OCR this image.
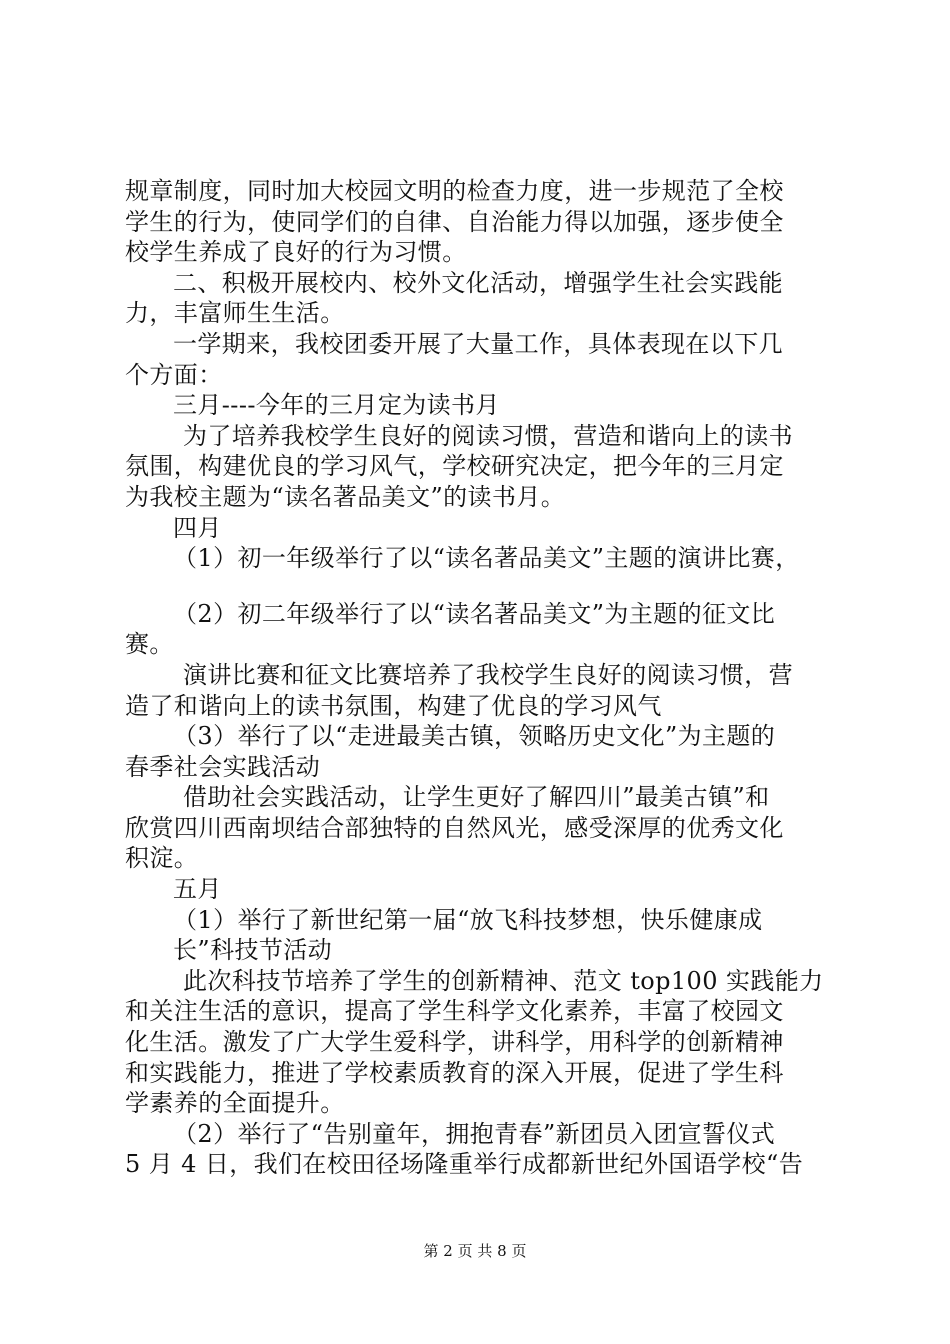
规章制度，同时加大校园文明的检查力度，进一步规范了全校
学生的行为，使同学们的自律、自治能力得以加强，逐步使全
校学生养成了良好的行为习惯。
二、积极开展校内、校外文化活动，增强学生社会实践能
力，丰富师生生活。
一学期来，我校团委开展了大量工作，具体表现在以下几
个方面：
三月----今年的三月定为读书月
为了培养我校学生良好的阅读习惯，营造和谐向上的读书
氛围，构建优良的学习风气，学校研究决定，把今年的三月定
为我校主题为“读名著品美文”的读书月。
四月
（1）初一年级举行了以“读名著品美文”主题的演讲比赛，
（2）初二年级举行了以“读名著品美文”为主题的征文比
赛。
演讲比赛和征文比赛培养了我校学生良好的阅读习惯，营
造了和谐向上的读书氛围，构建了优良的学习风气
（3）举行了以“走进最美古镇，领略历史文化”为主题的
春季社会实践活动
借助社会实践活动，让学生更好了解四川”最美古镇”和
欣赏四川西南坝结合部独特的自然风光，感受深厚的优秀文化
积淀。
五月
（1）举行了新世纪第一届“放飞科技梦想，快乐健康成
长”科技节活动
此次科技节培养了学生的创新精神、范文 top100 实践能力
和关注生活的意识，提高了学生科学文化素养，丰富了校园文
化生活。激发了广大学生爱科学，讲科学，用科学的创新精神
和实践能力，推进了学校素质教育的深入开展，促进了学生科
学素养的全面提升。
（2）举行了“告别童年，拥抱青春”新团员入团宣誓仪式
5 月 4 日，我们在校田径场隆重举行成都新世纪外国语学校“告
第 2 页 共 8 页
